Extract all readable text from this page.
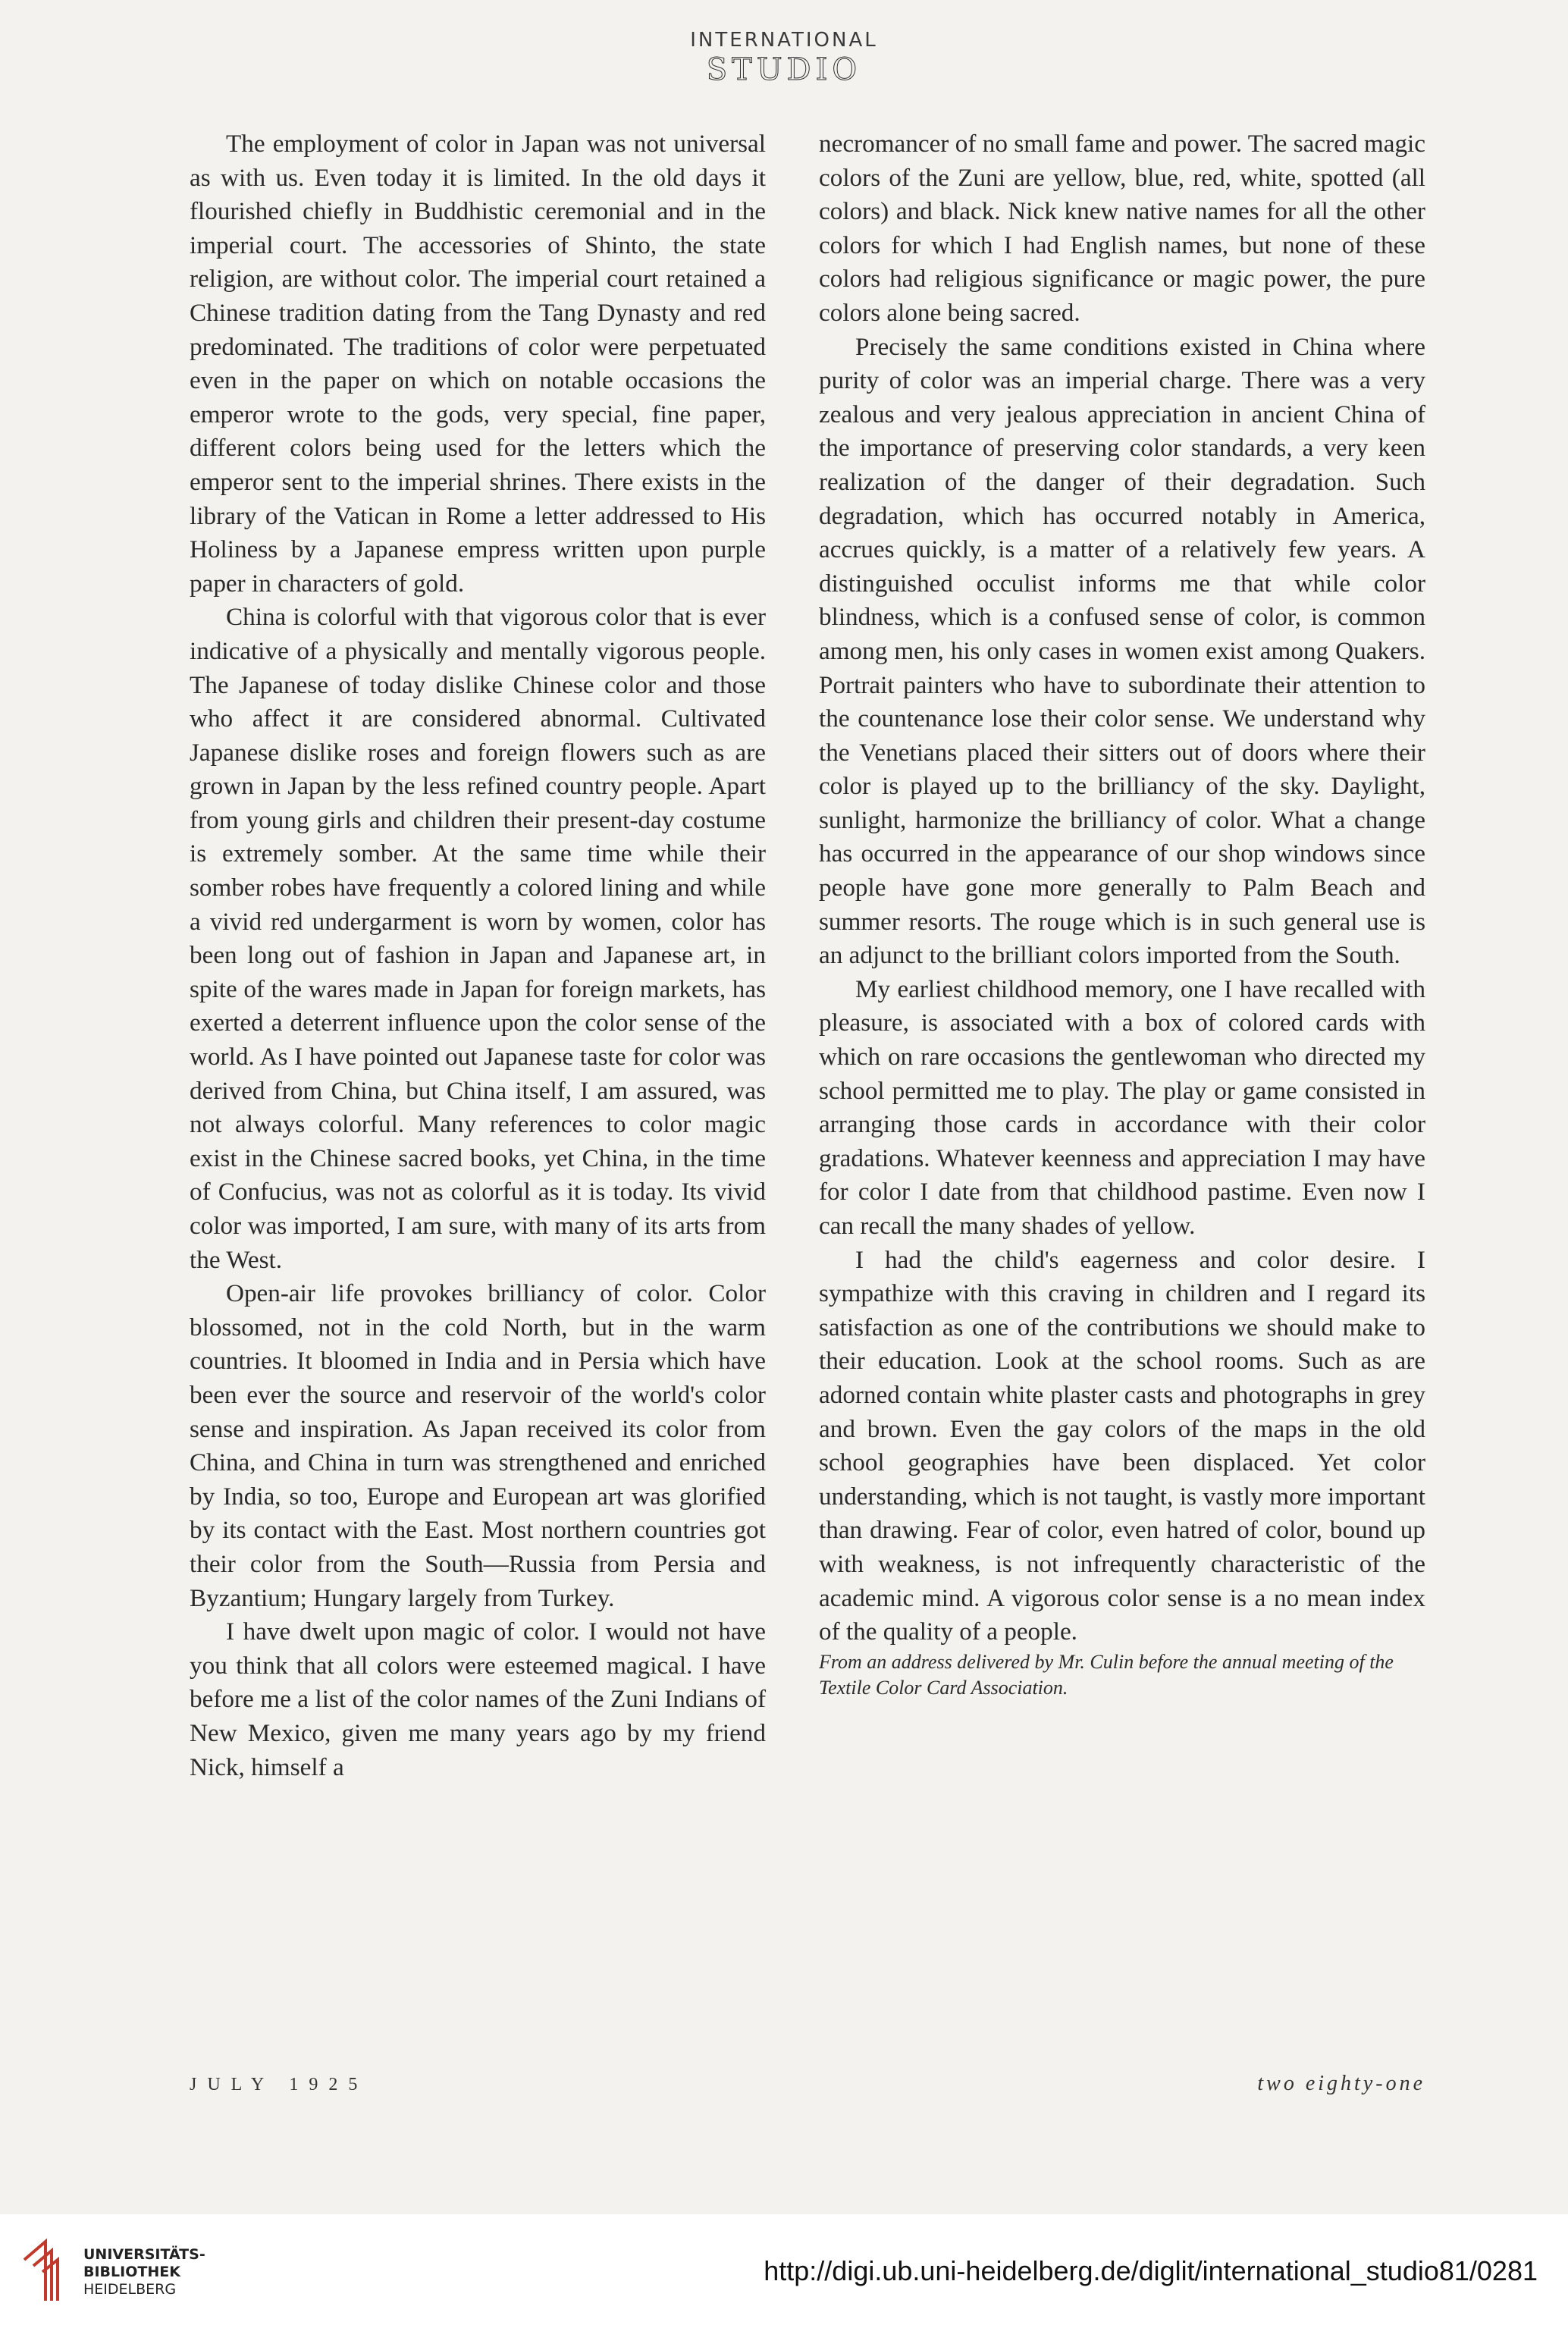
INTERNATIONAL
STUDIO

The employment of color in Japan was not universal as with us. Even today it is limited. In the old days it flourished chiefly in Buddhistic ceremonial and in the imperial court. The accessories of Shinto, the state religion, are without color. The imperial court retained a Chinese tradition dating from the Tang Dynasty and red predominated. The traditions of color were perpetuated even in the paper on which on notable occasions the emperor wrote to the gods, very special, fine paper, different colors being used for the letters which the emperor sent to the imperial shrines. There exists in the library of the Vatican in Rome a letter addressed to His Holiness by a Japanese empress written upon purple paper in characters of gold.

China is colorful with that vigorous color that is ever indicative of a physically and mentally vigorous people. The Japanese of today dislike Chinese color and those who affect it are considered abnormal. Cultivated Japanese dislike roses and foreign flowers such as are grown in Japan by the less refined country people. Apart from young girls and children their present-day costume is extremely somber. At the same time while their somber robes have frequently a colored lining and while a vivid red undergarment is worn by women, color has been long out of fashion in Japan and Japanese art, in spite of the wares made in Japan for foreign markets, has exerted a deterrent influence upon the color sense of the world. As I have pointed out Japanese taste for color was derived from China, but China itself, I am assured, was not always colorful. Many references to color magic exist in the Chinese sacred books, yet China, in the time of Confucius, was not as colorful as it is today. Its vivid color was imported, I am sure, with many of its arts from the West.

Open-air life provokes brilliancy of color. Color blossomed, not in the cold North, but in the warm countries. It bloomed in India and in Persia which have been ever the source and reservoir of the world's color sense and inspiration. As Japan received its color from China, and China in turn was strengthened and enriched by India, so too, Europe and European art was glorified by its contact with the East. Most northern countries got their color from the South—Russia from Persia and Byzantium; Hungary largely from Turkey.

I have dwelt upon magic of color. I would not have you think that all colors were esteemed magical. I have before me a list of the color names of the Zuni Indians of New Mexico, given me many years ago by my friend Nick, himself a

necromancer of no small fame and power. The sacred magic colors of the Zuni are yellow, blue, red, white, spotted (all colors) and black. Nick knew native names for all the other colors for which I had English names, but none of these colors had religious significance or magic power, the pure colors alone being sacred.

Precisely the same conditions existed in China where purity of color was an imperial charge. There was a very zealous and very jealous appreciation in ancient China of the importance of preserving color standards, a very keen realization of the danger of their degradation. Such degradation, which has occurred notably in America, accrues quickly, is a matter of a relatively few years. A distinguished occulist informs me that while color blindness, which is a confused sense of color, is common among men, his only cases in women exist among Quakers. Portrait painters who have to subordinate their attention to the countenance lose their color sense. We understand why the Venetians placed their sitters out of doors where their color is played up to the brilliancy of the sky. Daylight, sunlight, harmonize the brilliancy of color. What a change has occurred in the appearance of our shop windows since people have gone more generally to Palm Beach and summer resorts. The rouge which is in such general use is an adjunct to the brilliant colors imported from the South.

My earliest childhood memory, one I have recalled with pleasure, is associated with a box of colored cards with which on rare occasions the gentlewoman who directed my school permitted me to play. The play or game consisted in arranging those cards in accordance with their color gradations. Whatever keenness and appreciation I may have for color I date from that childhood pastime. Even now I can recall the many shades of yellow.

I had the child's eagerness and color desire. I sympathize with this craving in children and I regard its satisfaction as one of the contributions we should make to their education. Look at the school rooms. Such as are adorned contain white plaster casts and photographs in grey and brown. Even the gay colors of the maps in the old school geographies have been displaced. Yet color understanding, which is not taught, is vastly more important than drawing. Fear of color, even hatred of color, bound up with weakness, is not infrequently characteristic of the academic mind. A vigorous color sense is a no mean index of the quality of a people.

From an address delivered by Mr. Culin before the annual meeting of the Textile Color Card Association.

JULY 1925	two eighty-one
UNIVERSITÄTS-
BIBLIOTHEK
HEIDELBERG
http://digi.ub.uni-heidelberg.de/diglit/international_studio81/0281
